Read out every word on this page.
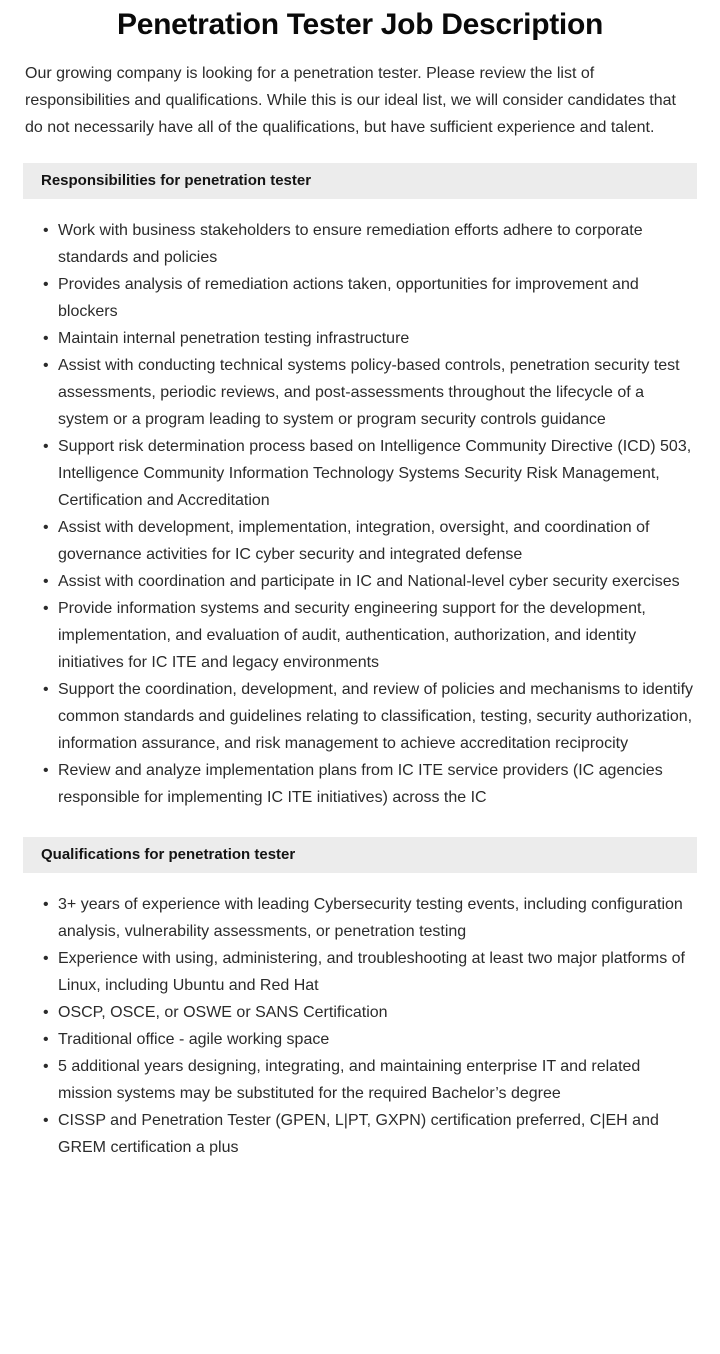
Penetration Tester Job Description

Our growing company is looking for a penetration tester. Please review the list of responsibilities and qualifications. While this is our ideal list, we will consider candidates that do not necessarily have all of the qualifications, but have sufficient experience and talent.

Responsibilities for penetration tester
• Work with business stakeholders to ensure remediation efforts adhere to corporate standards and policies
• Provides analysis of remediation actions taken, opportunities for improvement and blockers
• Maintain internal penetration testing infrastructure
• Assist with conducting technical systems policy-based controls, penetration security test assessments, periodic reviews, and post-assessments throughout the lifecycle of a system or a program leading to system or program security controls guidance
• Support risk determination process based on Intelligence Community Directive (ICD) 503, Intelligence Community Information Technology Systems Security Risk Management, Certification and Accreditation
• Assist with development, implementation, integration, oversight, and coordination of governance activities for IC cyber security and integrated defense
• Assist with coordination and participate in IC and National-level cyber security exercises
• Provide information systems and security engineering support for the development, implementation, and evaluation of audit, authentication, authorization, and identity initiatives for IC ITE and legacy environments
• Support the coordination, development, and review of policies and mechanisms to identify common standards and guidelines relating to classification, testing, security authorization, information assurance, and risk management to achieve accreditation reciprocity
• Review and analyze implementation plans from IC ITE service providers (IC agencies responsible for implementing IC ITE initiatives) across the IC
Qualifications for penetration tester
• 3+ years of experience with leading Cybersecurity testing events, including configuration analysis, vulnerability assessments, or penetration testing
• Experience with using, administering, and troubleshooting at least two major platforms of Linux, including Ubuntu and Red Hat
• OSCP, OSCE, or OSWE or SANS Certification
• Traditional office - agile working space
• 5 additional years designing, integrating, and maintaining enterprise IT and related mission systems may be substituted for the required Bachelor’s degree
• CISSP and Penetration Tester (GPEN, L|PT, GXPN) certification preferred, C|EH and GREM certification a plus
